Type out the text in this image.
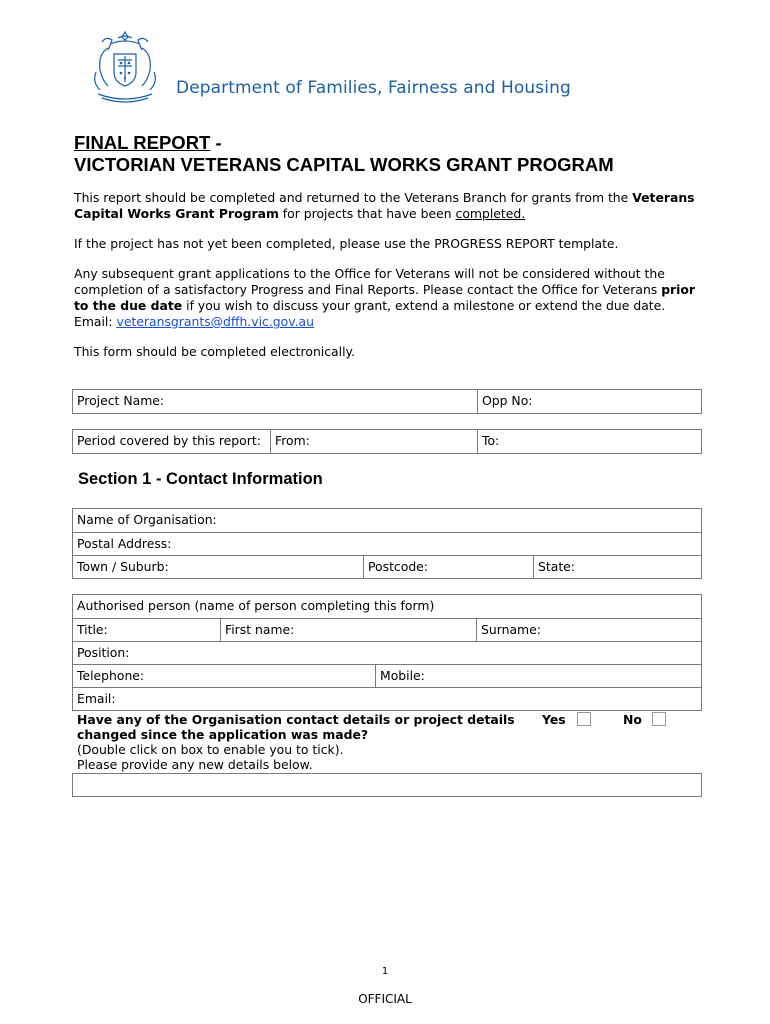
Department of Families, Fairness and Housing
FINAL REPORT -
VICTORIAN VETERANS CAPITAL WORKS GRANT PROGRAM
This report should be completed and returned to the Veterans Branch for grants from the Veterans Capital Works Grant Program for projects that have been completed.
If the project has not yet been completed, please use the PROGRESS REPORT template.
Any subsequent grant applications to the Office for Veterans will not be considered without the completion of a satisfactory Progress and Final Reports. Please contact the Office for Veterans prior to the due date if you wish to discuss your grant, extend a milestone or extend the due date.
Email: veteransgrants@dffh.vic.gov.au
This form should be completed electronically.
Project Name:	Opp No:
Period covered by this report:	From:	To:
Section 1 - Contact Information
Name of Organisation:
Postal Address:
Town / Suburb:	Postcode:	State:
Authorised person (name of person completing this form)
Title:	First name:	Surname:
Position:
Telephone:	Mobile:
Email:
Have any of the Organisation contact details or project details changed since the application was made?
(Double click on box to enable you to tick).
Please provide any new details below.
Yes	No
1
OFFICIAL
